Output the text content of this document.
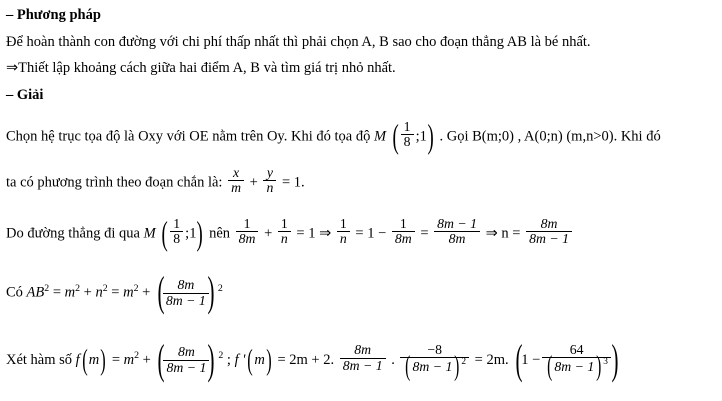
– Phương pháp
Để hoàn thành con đường với chi phí thấp nhất thì phải chọn A, B sao cho đoạn thẳng AB là bé nhất.
⇒Thiết lập khoảng cách giữa hai điểm A, B và tìm giá trị nhỏ nhất.
– Giải
Chọn hệ trục tọa độ là Oxy với OE nằm trên Oy. Khi đó tọa độ M ( $\frac{1}{8}$ ;1 ) . Gọi B(m;0) , A(0;n) (m,n>0). Khi đó
ta có phương trình theo đoạn chắn là: $\frac{x}{m} + \frac{y}{n} = 1$.
Do đường thẳng đi qua M ( $\frac{1}{8}$ ;1 ) nên $\frac{1}{8m} + \frac{1}{n} = 1$ ⇒ $\frac{1}{n} = 1 - \frac{1}{8m} = \frac{8m - 1}{8m}$ ⇒ $n = \frac{8m}{8m - 1}$
Có $AB^2 = m^2 + n^2 = m^2$ + ( $\frac{8m}{8m - 1}$
) $^2$
Xét hàm số f ( m ) = $m^2$ + ( $\frac{8m}{8m - 1}$
) $^2$ ; f ' ( m ) = 2m + 2. $\frac{8m}{8m - 1}$ . −8
( 8m − 1 ) $^2$ = 2m. ( 1 − 64
( 8m − 1 ) $^3$
)
